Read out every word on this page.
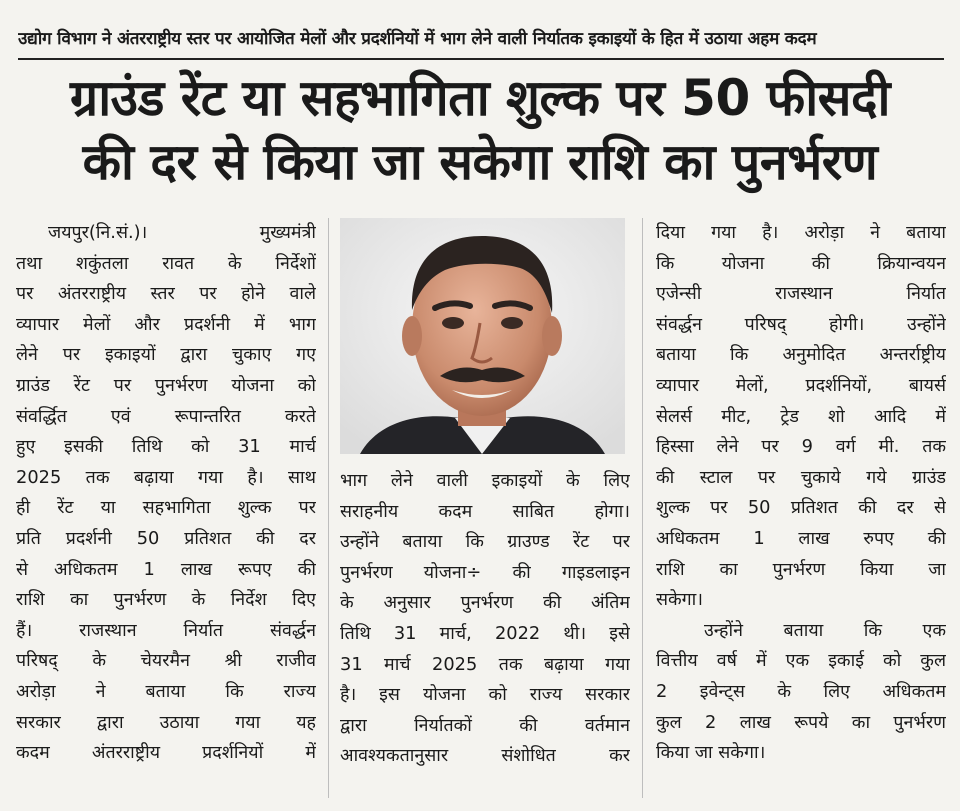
उद्योग विभाग ने अंतरराष्ट्रीय स्तर पर आयोजित मेलों और प्रदर्शनियों में भाग लेने वाली निर्यातक इकाइयों के हित में उठाया अहम कदम
ग्राउंड रेंट या सहभागिता शुल्क पर 50 फीसदी
की दर से किया जा सकेगा राशि का पुनर्भरण
जयपुर(नि.सं.)। मुख्यमंत्री
तथा शकुंतला रावत के निर्देशों
पर अंतरराष्ट्रीय स्तर पर होने वाले
व्यापार मेलों और प्रदर्शनी में भाग
लेने पर इकाइयों द्वारा चुकाए गए
ग्राउंड रेंट पर पुनर्भरण योजना को
संवर्द्धित एवं रूपान्तरित करते
हुए इसकी तिथि को 31 मार्च
2025 तक बढ़ाया गया है। साथ
ही रेंट या सहभागिता शुल्क पर
प्रति प्रदर्शनी 50 प्रतिशत की दर
से अधिकतम 1 लाख रूपए की
राशि का पुनर्भरण के निर्देश दिए
हैं। राजस्थान निर्यात संवर्द्धन
परिषद् के चेयरमैन श्री राजीव
अरोड़ा ने बताया कि राज्य
सरकार द्वारा उठाया गया यह
कदम अंतरराष्ट्रीय प्रदर्शनियों में
भाग लेने वाली इकाइयों के लिए
सराहनीय कदम साबित होगा।
उन्होंने बताया कि ग्राउण्ड रेंट पर
पुनर्भरण योजना÷ की गाइडलाइन
के अनुसार पुनर्भरण की अंतिम
तिथि 31 मार्च, 2022 थी। इसे
31 मार्च 2025 तक बढ़ाया गया
है। इस योजना को राज्य सरकार
द्वारा निर्यातकों की वर्तमान
आवश्यकतानुसार संशोधित कर
दिया गया है। अरोड़ा ने बताया
कि योजना की क्रियान्वयन
एजेन्सी राजस्थान निर्यात
संवर्द्धन परिषद् होगी। उन्होंने
बताया कि अनुमोदित अन्तर्राष्ट्रीय
व्यापार मेलों, प्रदर्शनियों, बायर्स
सेलर्स मीट, ट्रेड शो आदि में
हिस्सा लेने पर 9 वर्ग मी. तक
की स्टाल पर चुकाये गये ग्राउंड
शुल्क पर 50 प्रतिशत की दर से
अधिकतम 1 लाख रुपए की
राशि का पुनर्भरण किया जा
सकेगा।
उन्होंने बताया कि एक
वित्तीय वर्ष में एक इकाई को कुल
2 इवेन्ट्स के लिए अधिकतम
कुल 2 लाख रूपये का पुनर्भरण
किया जा सकेगा।
